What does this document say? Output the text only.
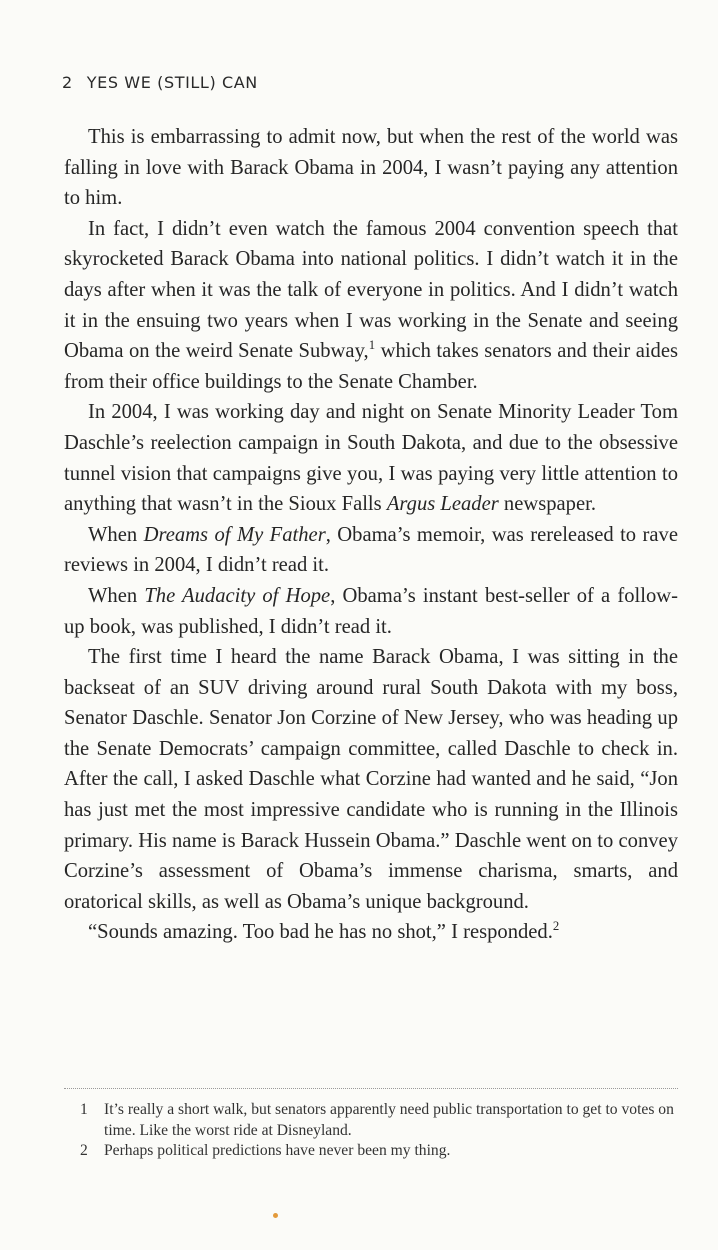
2 YES WE (STILL) CAN

This is embarrassing to admit now, but when the rest of the world was falling in love with Barack Obama in 2004, I wasn’t paying any attention to him.

In fact, I didn’t even watch the famous 2004 convention speech that skyrocketed Barack Obama into national politics. I didn’t watch it in the days after when it was the talk of everyone in politics. And I didn’t watch it in the ensuing two years when I was working in the Senate and seeing Obama on the weird Senate Subway,$^1$ which takes senators and their aides from their office buildings to the Senate Chamber.

In 2004, I was working day and night on Senate Minority Leader Tom Daschle’s reelection campaign in South Dakota, and due to the obsessive tunnel vision that campaigns give you, I was paying very little attention to anything that wasn’t in the Sioux Falls Argus Leader newspaper.

When Dreams of My Father, Obama’s memoir, was rereleased to rave reviews in 2004, I didn’t read it.

When The Audacity of Hope, Obama’s instant best-seller of a follow-up book, was published, I didn’t read it.

The first time I heard the name Barack Obama, I was sitting in the backseat of an SUV driving around rural South Dakota with my boss, Senator Daschle. Senator Jon Corzine of New Jersey, who was heading up the Senate Democrats’ campaign committee, called Daschle to check in. After the call, I asked Daschle what Corzine had wanted and he said, “Jon has just met the most impressive candidate who is running in the Illinois primary. His name is Barack Hussein Obama.” Daschle went on to convey Corzine’s assessment of Obama’s immense charisma, smarts, and oratorical skills, as well as Obama’s unique background.

“Sounds amazing. Too bad he has no shot,” I responded.$^2$

1	It’s really a short walk, but senators apparently need public transportation to get to votes on time. Like the worst ride at Disneyland.
2	Perhaps political predictions have never been my thing.
